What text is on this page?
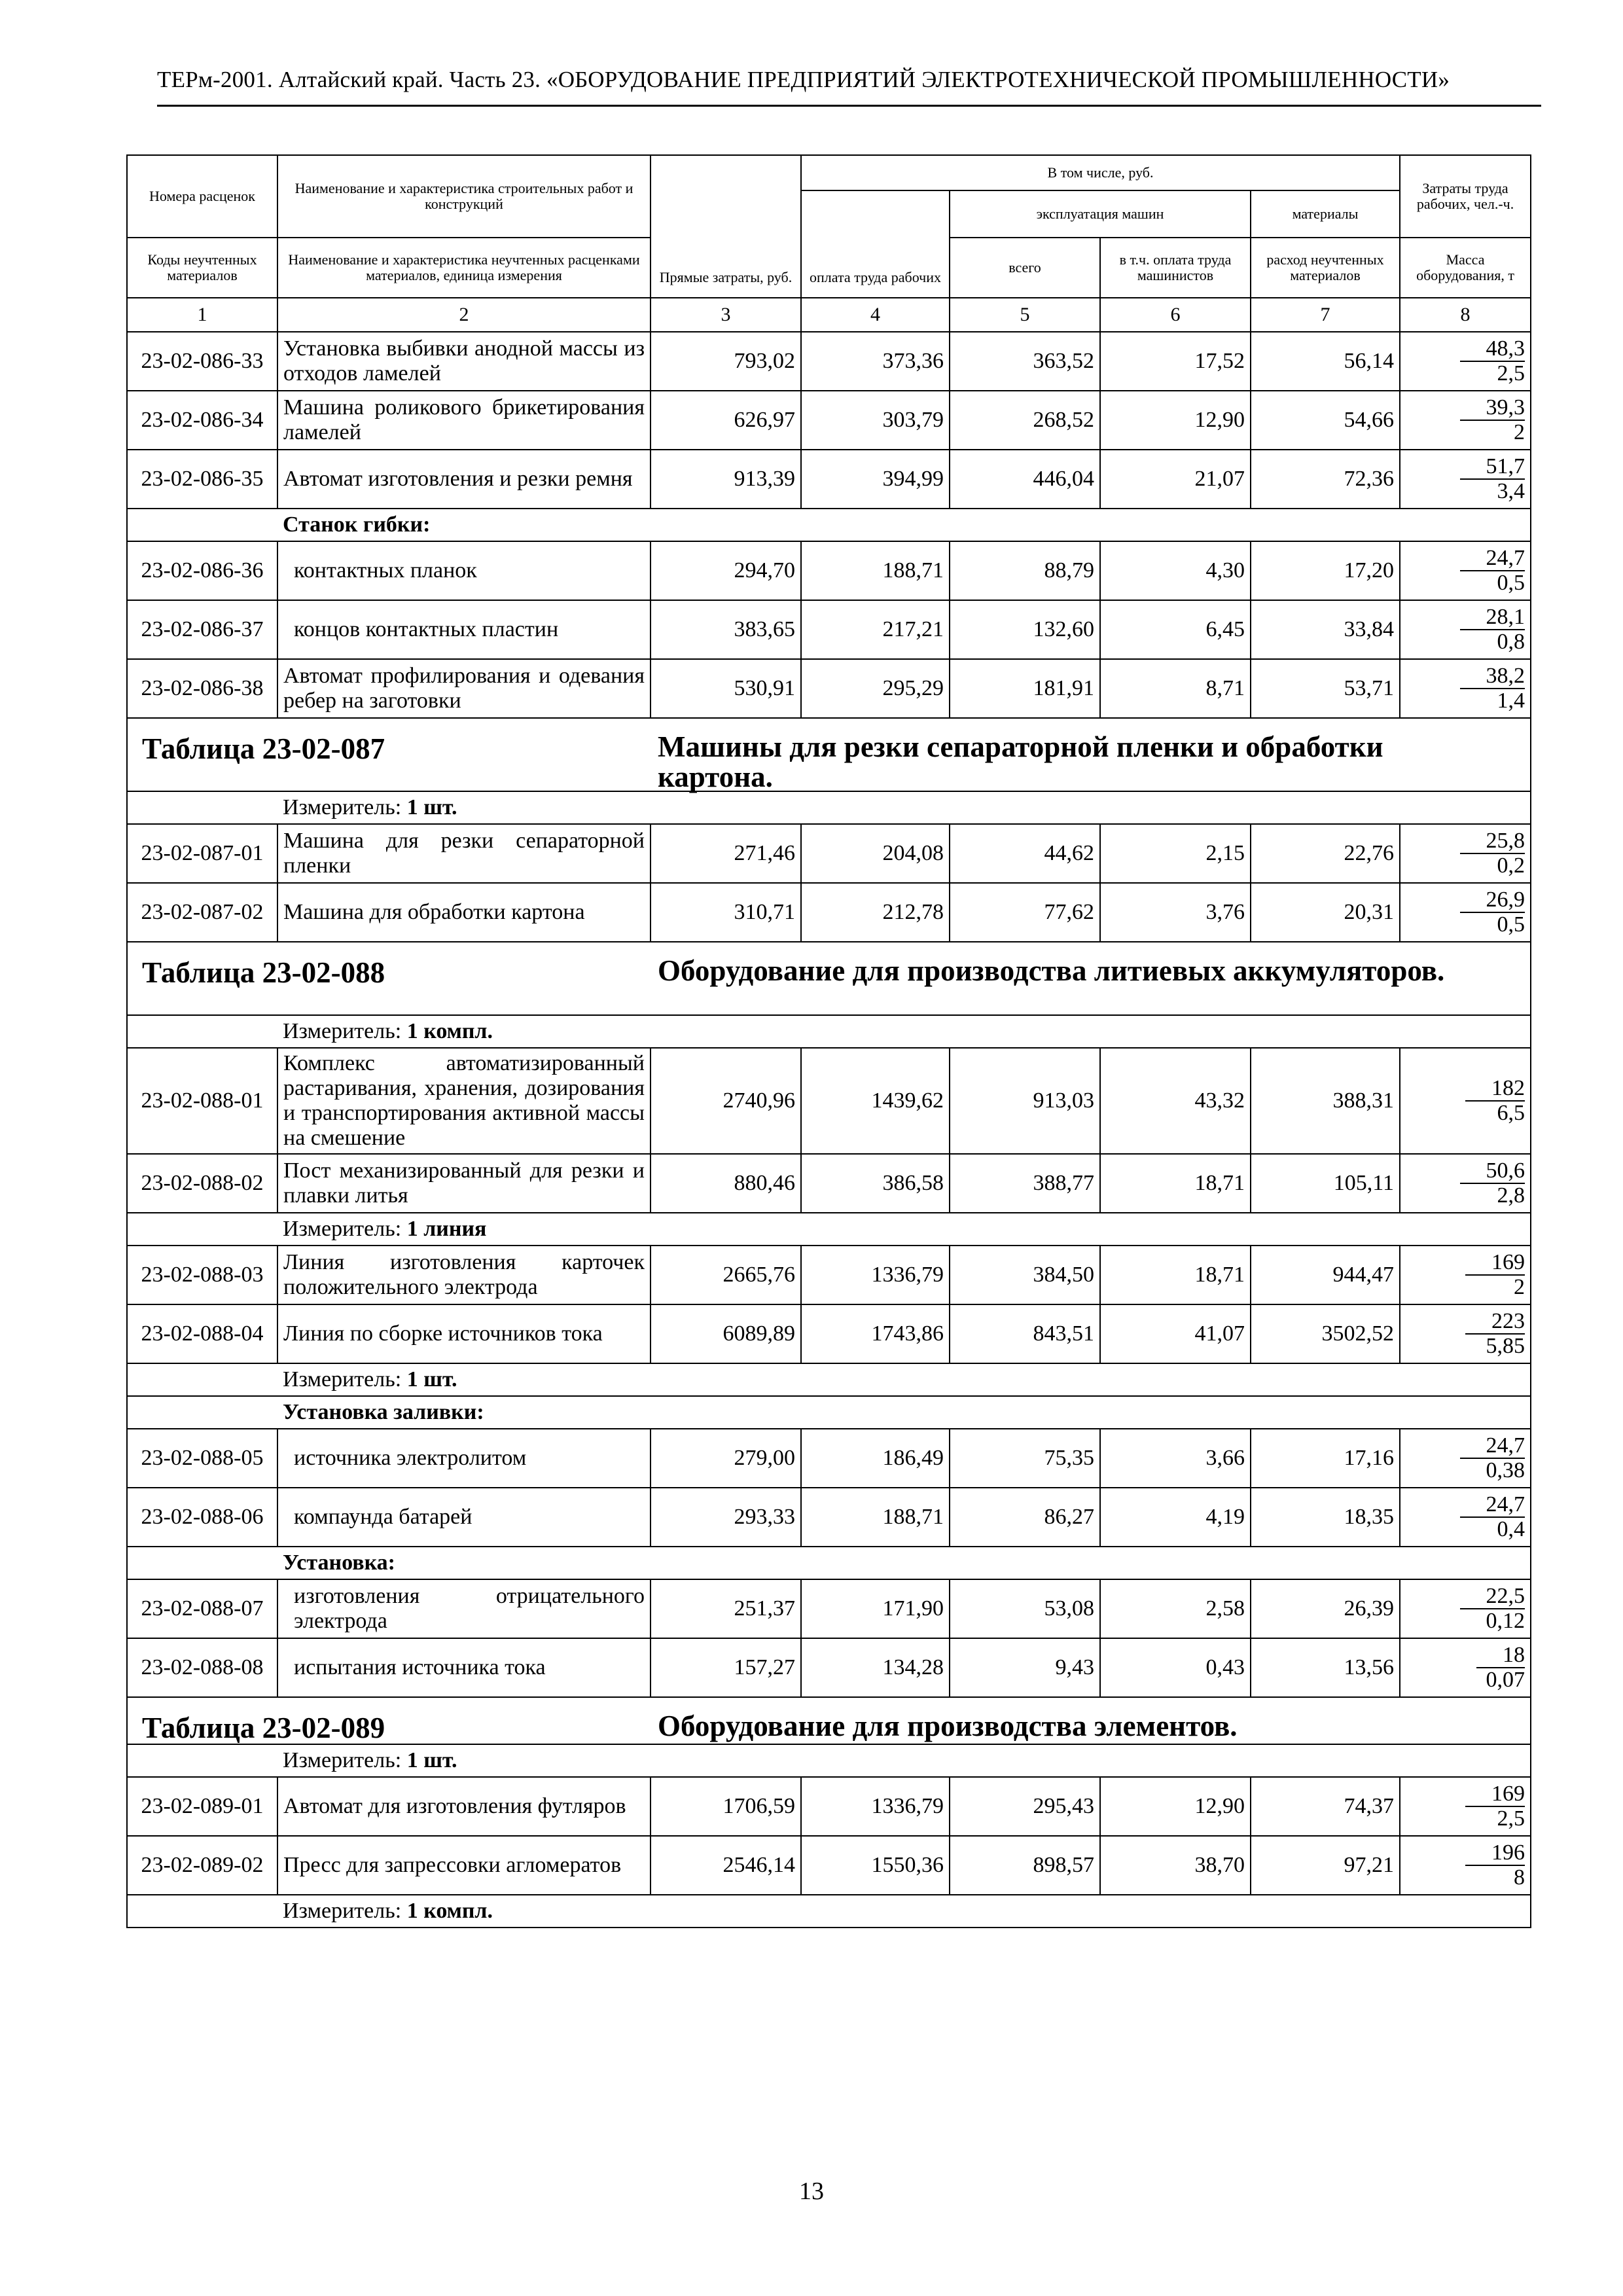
ТЕРм-2001. Алтайский край. Часть 23. «ОБОРУДОВАНИЕ ПРЕДПРИЯТИЙ ЭЛЕКТРОТЕХНИЧЕСКОЙ ПРОМЫШЛЕННОСТИ»
Номера расценок	Наименование и характеристика строительных работ и конструкций	Прямые затраты, руб.	В том числе, руб.				Затраты труда рабочих, чел.-ч.
			оплата труда рабочих	эксплуатация машин		материалы	
Коды неучтенных материалов	Наименование и характеристика неучтенных расценками материалов, единица измерения			всего	в т.ч. оплата труда машинистов	расход неучтенных материалов	Масса оборудования, т

1	2	3	4	5	6	7	8
23-02-086-33	Установка выбивки анодной массы из отходов ламелей	793,02	373,36	363,52	17,52	56,14	48,3
2,5

23-02-086-34	Машина роликового брикетирования ламелей	626,97	303,79	268,52	12,90	54,66	39,3
2

23-02-086-35	Автомат изготовления и резки ремня	913,39	394,99	446,04	21,07	72,36	51,7
3,4

	Станок гибки:						
23-02-086-36	контактных планок	294,70	188,71	88,79	4,30	17,20	24,7
0,5

23-02-086-37	концов контактных пластин	383,65	217,21	132,60	6,45	33,84	28,1
0,8

23-02-086-38	Автомат профилирования и одевания ребер на заготовки	530,91	295,29	181,91	8,71	53,71	38,2
1,4

Таблица 23-02-087 Машины для резки сепараторной пленки и обработки картона.							

	Измеритель: 1 шт.						
23-02-087-01	Машина для резки сепараторной пленки	271,46	204,08	44,62	2,15	22,76	25,8
0,2

23-02-087-02	Машина для обработки картона	310,71	212,78	77,62	3,76	20,31	26,9
0,5

Таблица 23-02-088 Оборудование для производства литиевых аккумуляторов.							

	Измеритель: 1 компл.						
23-02-088-01	Комплекс автоматизированный растаривания, хранения, дозирования и транспортирования активной массы на смешение	2740,96	1439,62	913,03	43,32	388,31	182
6,5

23-02-088-02	Пост механизированный для резки и плавки литья	880,46	386,58	388,77	18,71	105,11	50,6
2,8

	Измеритель: 1 линия						
23-02-088-03	Линия изготовления карточек положительного электрода	2665,76	1336,79	384,50	18,71	944,47	169
2

23-02-088-04	Линия по сборке источников тока	6089,89	1743,86	843,51	41,07	3502,52	223
5,85

	Измеритель: 1 шт.						
	Установка заливки:						
23-02-088-05	источника электролитом	279,00	186,49	75,35	3,66	17,16	24,7
0,38

23-02-088-06	компаунда батарей	293,33	188,71	86,27	4,19	18,35	24,7
0,4

	Установка:						
23-02-088-07	изготовления отрицательного электрода	251,37	171,90	53,08	2,58	26,39	22,5
0,12

23-02-088-08	испытания источника тока	157,27	134,28	9,43	0,43	13,56	18
0,07

Таблица 23-02-089 Оборудование для производства элементов.							

	Измеритель: 1 шт.						
23-02-089-01	Автомат для изготовления футляров	1706,59	1336,79	295,43	12,90	74,37	169
2,5

23-02-089-02	Пресс для запрессовки агломератов	2546,14	1550,36	898,57	38,70	97,21	196
8

	Измеритель: 1 компл.						
13
